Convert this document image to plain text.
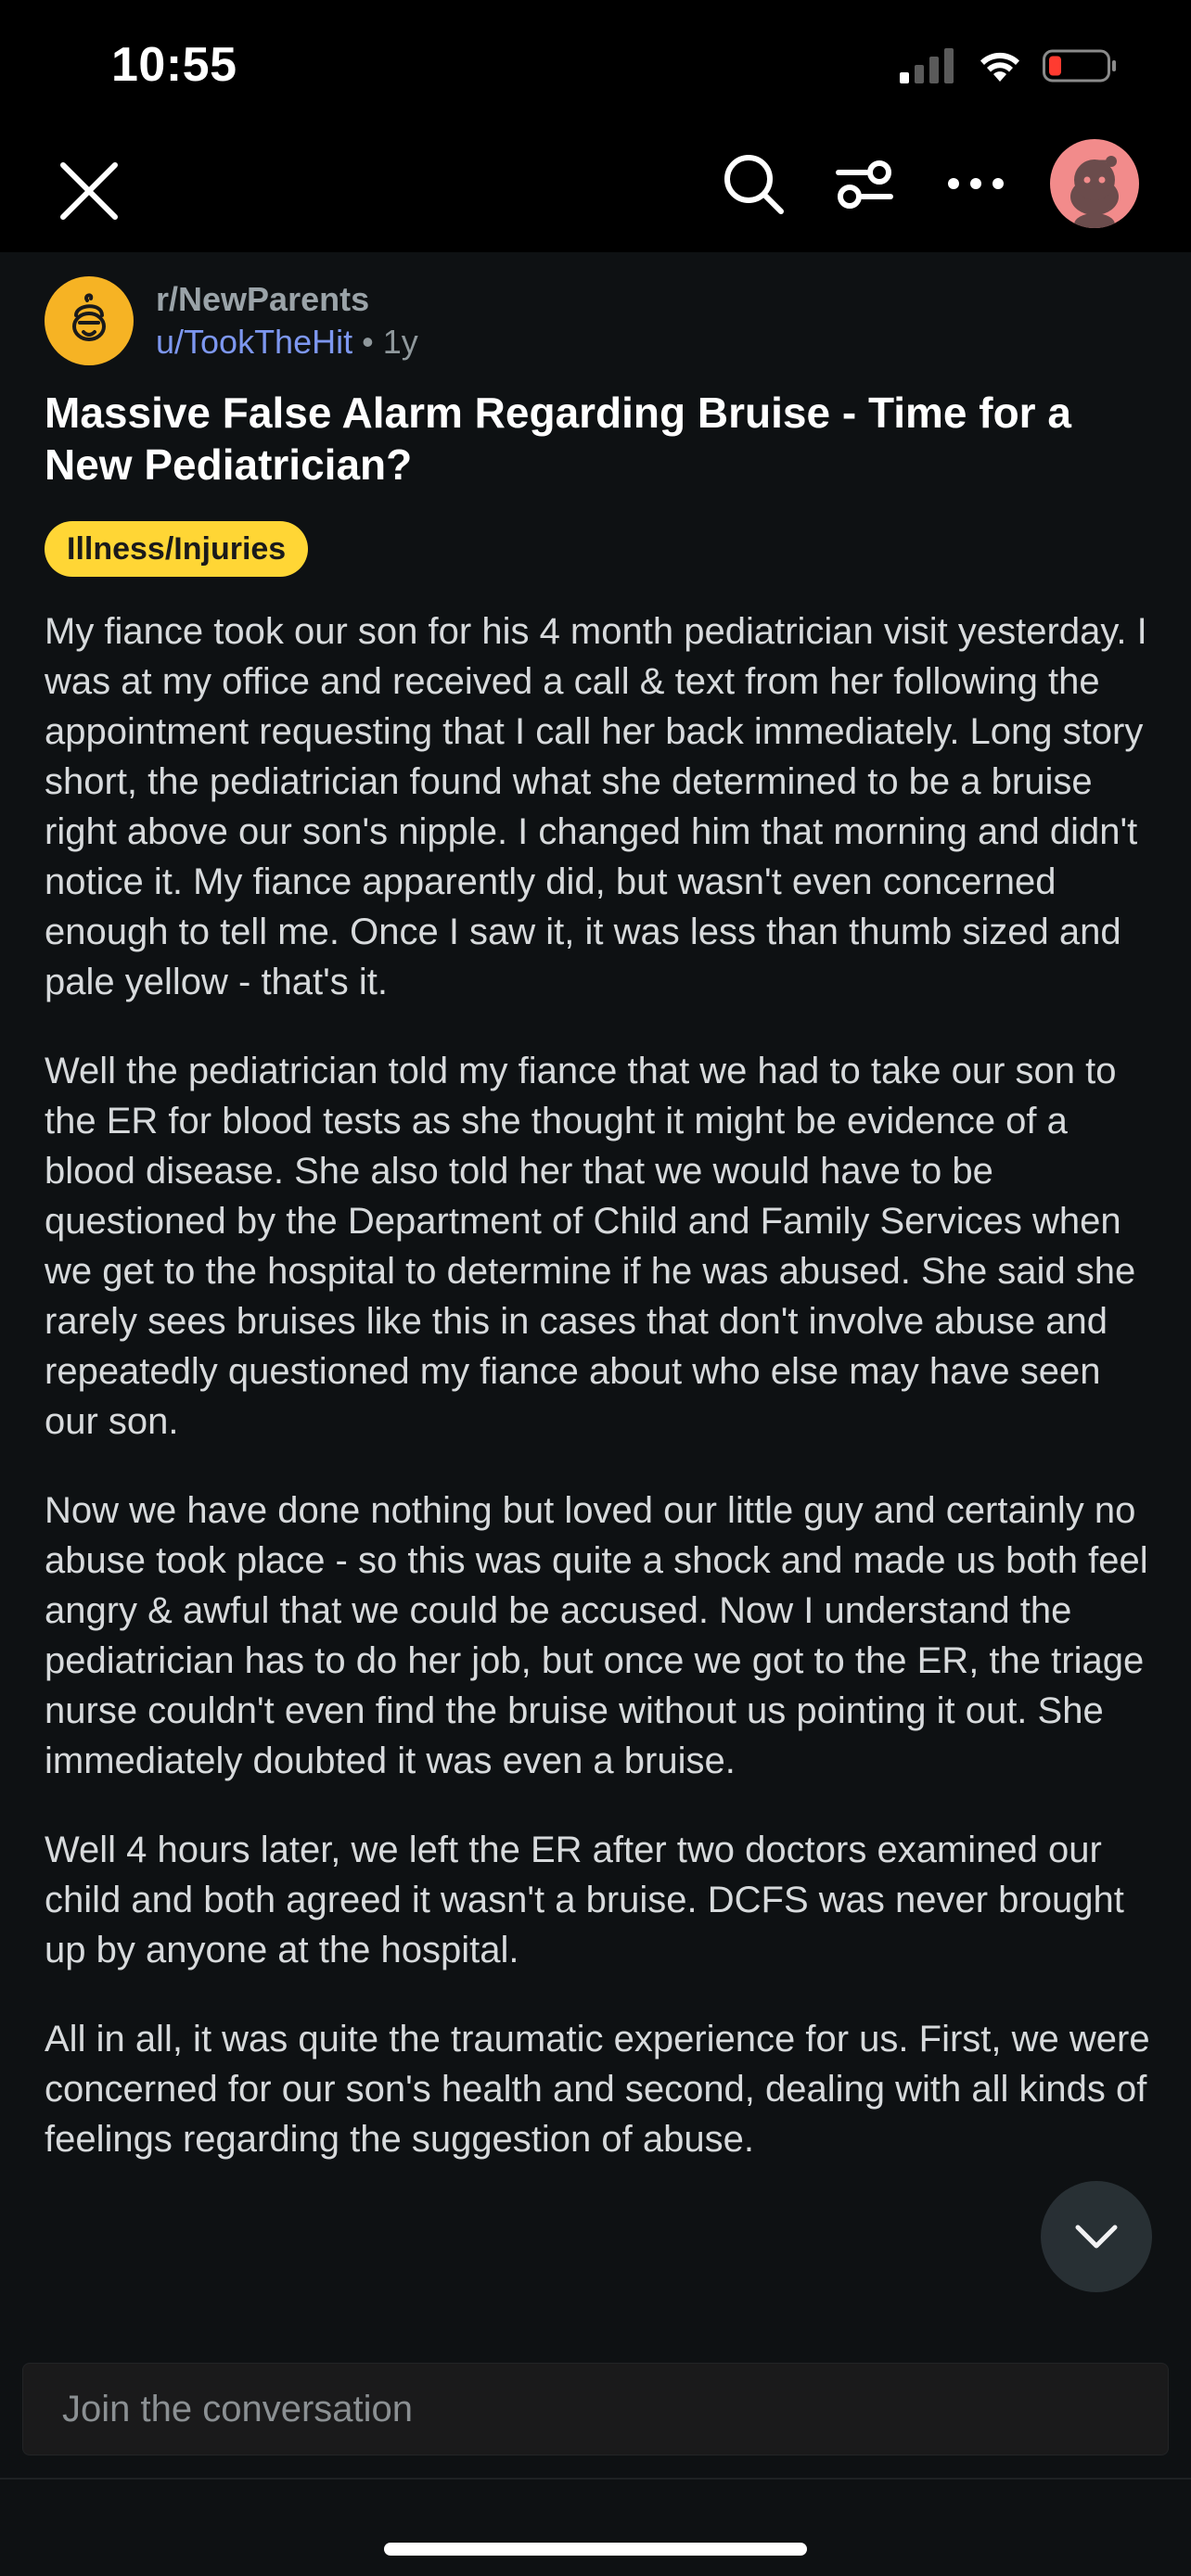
10:55
r/NewParents
u/TookTheHit • 1y
Massive False Alarm Regarding Bruise - Time for a New Pediatrician?
Illness/Injuries

My fiance took our son for his 4 month pediatrician visit yesterday. I was at my office and received a call & text from her following the appointment requesting that I call her back immediately. Long story short, the pediatrician found what she determined to be a bruise right above our son's nipple. I changed him that morning and didn't notice it. My fiance apparently did, but wasn't even concerned enough to tell me. Once I saw it, it was less than thumb sized and pale yellow - that's it.

Well the pediatrician told my fiance that we had to take our son to the ER for blood tests as she thought it might be evidence of a blood disease. She also told her that we would have to be questioned by the Department of Child and Family Services when we get to the hospital to determine if he was abused. She said she rarely sees bruises like this in cases that don't involve abuse and repeatedly questioned my fiance about who else may have seen our son.

Now we have done nothing but loved our little guy and certainly no abuse took place - so this was quite a shock and made us both feel angry & awful that we could be accused. Now I understand the pediatrician has to do her job, but once we got to the ER, the triage nurse couldn't even find the bruise without us pointing it out. She immediately doubted it was even a bruise.

Well 4 hours later, we left the ER after two doctors examined our child and both agreed it wasn't a bruise. DCFS was never brought up by anyone at the hospital.

All in all, it was quite the traumatic experience for us. First, we were concerned for our son's health and second, dealing with all kinds of feelings regarding the suggestion of abuse.

Join the conversation
